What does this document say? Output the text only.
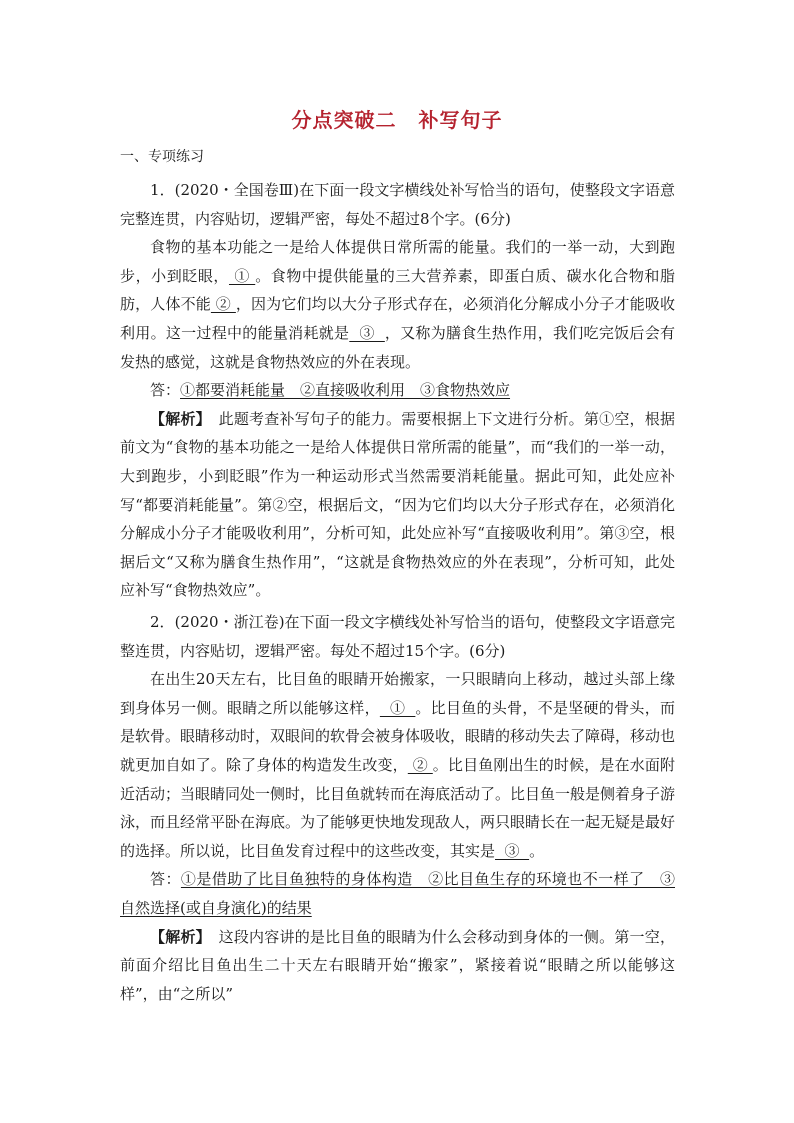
分点突破二 补写句子
一、专项练习

1．(2020・全国卷Ⅲ)在下面一段文字横线处补写恰当的语句，使整段文字语意完整连贯，内容贴切，逻辑严密，每处不超过8个字。(6分)

食物的基本功能之一是给人体提供日常所需的能量。我们的一举一动，大到跑步，小到眨眼， ① 。食物中提供能量的三大营养素，即蛋白质、碳水化合物和脂肪，人体不能 ② ，因为它们均以大分子形式存在，必须消化分解成小分子才能吸收利用。这一过程中的能量消耗就是  ③  ，又称为膳食生热作用，我们吃完饭后会有发热的感觉，这就是食物热效应的外在表现。

答：①都要消耗能量　②直接吸收利用　③食物热效应

【解析】　此题考查补写句子的能力。需要根据上下文进行分析。第①空，根据前文为“食物的基本功能之一是给人体提供日常所需的能量”，而“我们的一举一动，大到跑步，小到眨眼”作为一种运动形式当然需要消耗能量。据此可知，此处应补写“都要消耗能量”。第②空，根据后文，“因为它们均以大分子形式存在，必须消化分解成小分子才能吸收利用”，分析可知，此处应补写“直接吸收利用”。第③空，根据后文“又称为膳食生热作用”，“这就是食物热效应的外在表现”，分析可知，此处应补写“食物热效应”。

2．(2020・浙江卷)在下面一段文字横线处补写恰当的语句，使整段文字语意完整连贯，内容贴切，逻辑严密。每处不超过15个字。(6分)

在出生20天左右，比目鱼的眼睛开始搬家，一只眼睛向上移动，越过头部上缘到身体另一侧。眼睛之所以能够这样，  ①  。比目鱼的头骨，不是坚硬的骨头，而是软骨。眼睛移动时，双眼间的软骨会被身体吸收，眼睛的移动失去了障碍，移动也就更加自如了。除了身体的构造发生改变， ② 。比目鱼刚出生的时候，是在水面附近活动；当眼睛同处一侧时，比目鱼就转而在海底活动了。比目鱼一般是侧着身子游泳，而且经常平卧在海底。为了能够更快地发现敌人，两只眼睛长在一起无疑是最好的选择。所以说，比目鱼发育过程中的这些改变，其实是  ③  。

答：①是借助了比目鱼独特的身体构造　②比目鱼生存的环境也不一样了　③自然选择(或自身演化)的结果

【解析】　这段内容讲的是比目鱼的眼睛为什么会移动到身体的一侧。第一空，前面介绍比目鱼出生二十天左右眼睛开始“搬家”，紧接着说“眼睛之所以能够这样”，由“之所以”
